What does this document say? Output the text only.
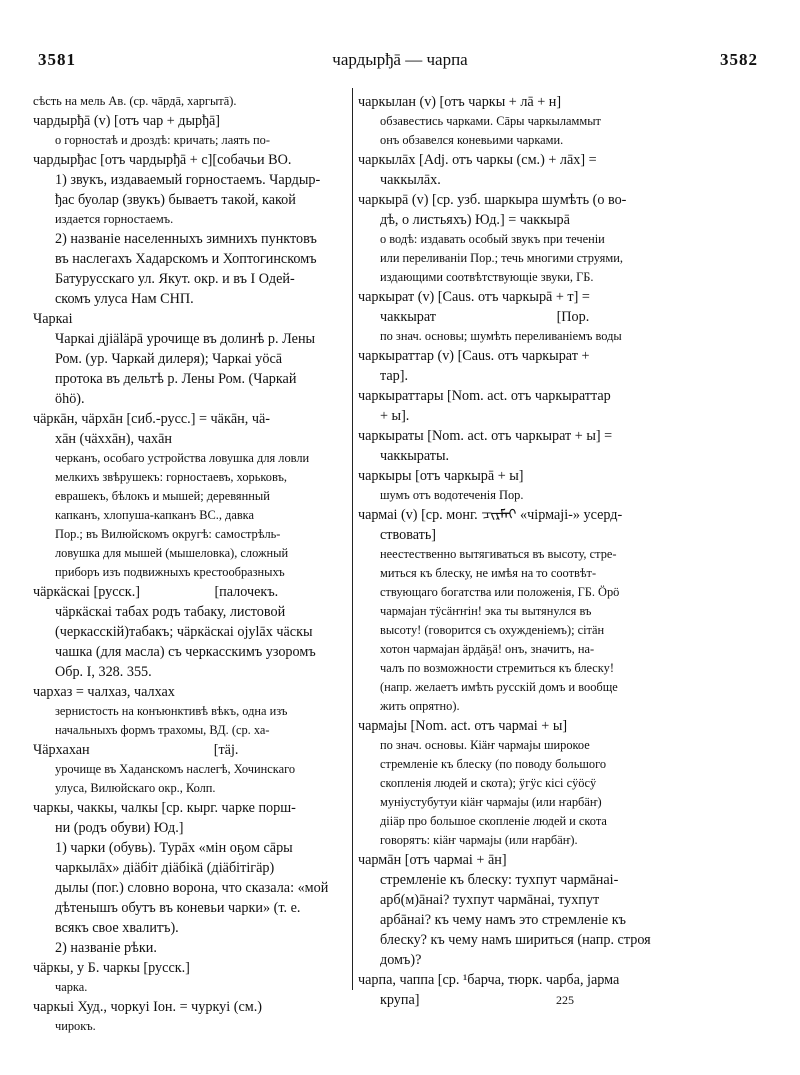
3581	чардырђā — чарпа	3582
сѣсть на мель Ав. (ср. чāрдā, харгытā).
чардырђā (v) [отъ чар + дырђā]
о горностаѣ и дроздѣ: кричать; лаять по-
чардырђас [отъ чардырђā + с][собачьи ВО.
1) звукъ, издаваемый горностаемъ. Чардыр-
ђас буолар (звукъ) бываетъ такой, какой
издается горностаемъ.
2) названіе населенныхъ зимнихъ пунктовъ
въ наслегахъ Хадарскомъ и Хоптогинскомъ
Батурусскаго ул. Якут. окр. и въ I Одей-
скомъ улуса Нам СНП.
Чаркаі
Чаркаі дjiäläрā урочище въ долинѣ р. Лены
Ром. (ур. Чаркай дилеря); Чаркаі уöсā
протока въ дельтѣ р. Лены Ром. (Чаркай
öhö).
чäркāн, чäрхāн [сиб.-русс.] = чäкāн, чä-
хāн (чäххāн), чахāн
черканъ, особаго устройства ловушка для ловли
мелкихъ звѣрушекъ: горностаевъ, хорьковъ,
еврашекъ, бѣлокъ и мышей; деревянный
капканъ, хлопуша-капканъ ВС., давка
Пор.; въ Вилюйскомъ округѣ: самострѣль-
ловушка для мышей (мышеловка), сложный
приборъ изъ подвижныхъ крестообразныхъ
чäркäскаі [русск.]                     [палочекъ.
чäркäскаі табах родъ табаку, листовой
(черкасскій)табакъ; чäркäскаі оjуlāх чäскы
чашка (для масла) съ черкасскимъ узоромъ
Обр. I, 328. 355.
чархаз = чалхаз, чалхах
зернистость на конъюнктивѣ вѣкъ, одна изъ
начальныхъ формъ трахомы, ВД. (ср. ха-
Чäрхахан                                   [тäj.
урочище въ Хаданскомъ наслегѣ, Хочинскаго
улуса, Вилюйскаго окр., Колп.
чаркы, чаккы, чалкы [ср. кыpг. чарке порш-
ни (родъ обуви) Юд.]
1) чарки (обувь). Турāх «мін оҕом сāры
чаркылāх» дiäбiт дiäбiкä (дiäбiтiгäр)
дылы (пог.) словно ворона, что сказала: «мой
дѣтенышъ обутъ въ коневьи чарки» (т. е.
всякъ свое хвалитъ).
2) названіе рѣки.
чäркы, у Б. чаркы [русск.]
чарка.
чаркыі Худ., чоркуі Іон. = чуркуі (см.)
чирокъ.
чаркылан (v) [отъ чаркы + лā + н]
обзавестись чарками. Сāры чаркыламмыт
онъ обзавелся коневьими чарками.
чаркылāх [Adj. отъ чаркы (см.) + лāх] =
чаккылāх.
чаркырā (v) [ср. узб. шаркыра шумѣть (о во-
дѣ, о листьяхъ) Юд.] = чаккырā
о водѣ: издавать особый звукъ при теченіи
или переливаніи Пор.; течь многими струями,
издающими соотвѣтствующіе звуки, ГБ.
чаркырат (v) [Caus. отъ чаркырā + т] =
чаккырат                                  [Пор.
по знач. основы; шумѣть переливаніемъ воды
чаркыраттар (v) [Caus. отъ чаркырат +
тар].
чаркыраттары [Nom. act. отъ чаркыраттар
+ ы].
чаркыраты [Nom. act. отъ чаркырат + ы] =
чаккыраты.
чаркыры [отъ чаркырā + ы]
шумъ отъ водотеченія Пор.
чармаі (v) [ср. монг. ᠴᠢᠷᠮᠠᠢ «чірмаjі-» усерд-
ствовать]
неестественно вытягиваться въ высоту, стре-
миться къ блеску, не имѣя на то соотвѣт-
ствующаго богатства или положенія, ГБ. Öрö
чармаjан тÿсäҥҥiн! эка ты вытянулся въ
высоту! (говорится съ охужденіемъ); сiтäн
хотон чармаjан äрдäҕä! онъ, значитъ, на-
чалъ по возможности стремиться къ блеску!
(напр. желаетъ имѣть русскій домъ и вообще
жить опрятно).
чармаjы [Nom. act. отъ чармаі + ы]
по знач. основы. Кiäҥ чармаjы широкое
стремленіе къ блеску (по поводу большого
скопленія людей и скота); ÿгÿс кiсi сÿöсÿ
муніустубутуи кiäҥ чармаjы (или ҥарбäҥ)
дiiäр про большое скопленіе людей и скота
говорятъ: кiäҥ чармаjы (или ҥарбäҥ).
чармāн [отъ чармаі + āн]
стремленіе къ блеску: тухпут чармāнаі-
арб(м)āнаі? тухпут чармāнаі, тухпут
арбāнаі? къ чему намъ это стремленіе къ
блеску? къ чему намъ шириться (напр. строя
домъ)?
чарпа, чаппа [ср. ¹барча, тюрк. чарба, јарма
крупа]	225
